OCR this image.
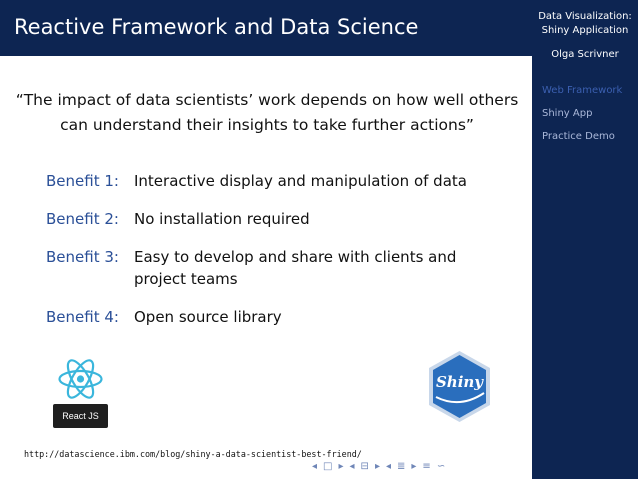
Reactive Framework and Data Science	Data Visualization:
Shiny Application
Olga Scrivner
Web Framework
Shiny App
Practice Demo
“The impact of data scientists’ work depends on how well others can understand their insights to take further actions”
Benefit 1:	Interactive display and manipulation of data
Benefit 2:	No installation required
Benefit 3:	Easy to develop and share with clients and project teams
Benefit 4:	Open source library
React JS
Shiny
http://datascience.ibm.com/blog/shiny-a-data-scientist-best-friend/
◂ □ ▸ ◂ ⊟ ▸ ◂ ≣ ▸ ≡ ∽
